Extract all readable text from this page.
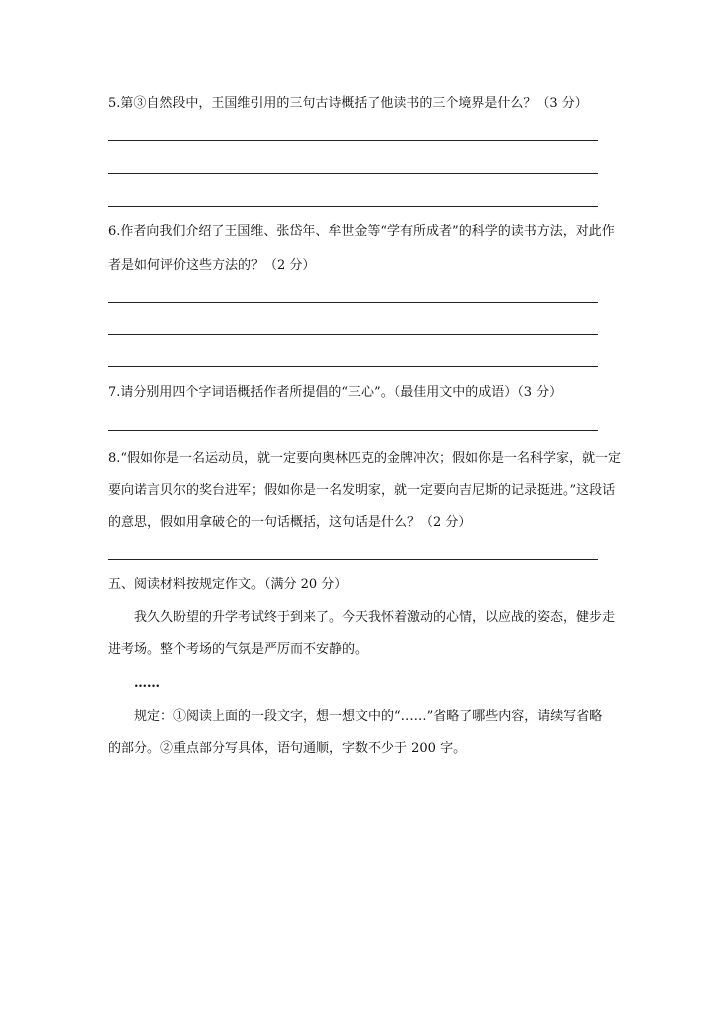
5.第③自然段中，王国维引用的三句古诗概括了他读书的三个境界是什么？（3 分）
6.作者向我们介绍了王国维、张岱年、牟世金等“学有所成者”的科学的读书方法，对此作
者是如何评价这些方法的？（2 分）
7.请分别用四个字词语概括作者所提倡的“三心”。（最佳用文中的成语）（3 分）
8.“假如你是一名运动员，就一定要向奥林匹克的金牌冲次；假如你是一名科学家，就一定
要向诺言贝尔的奖台进军；假如你是一名发明家，就一定要向吉尼斯的记录挺进。”这段话
的意思，假如用拿破仑的一句话概括，这句话是什么？（2 分）
五、阅读材料按规定作文。（满分 20 分）
我久久盼望的升学考试终于到来了。今天我怀着激动的心情，以应战的姿态，健步走
进考场。整个考场的气氛是严厉而不安静的。
……
规定：①阅读上面的一段文字，想一想文中的“……”省略了哪些内容，请续写省略
的部分。②重点部分写具体，语句通顺，字数不少于 200 字。
